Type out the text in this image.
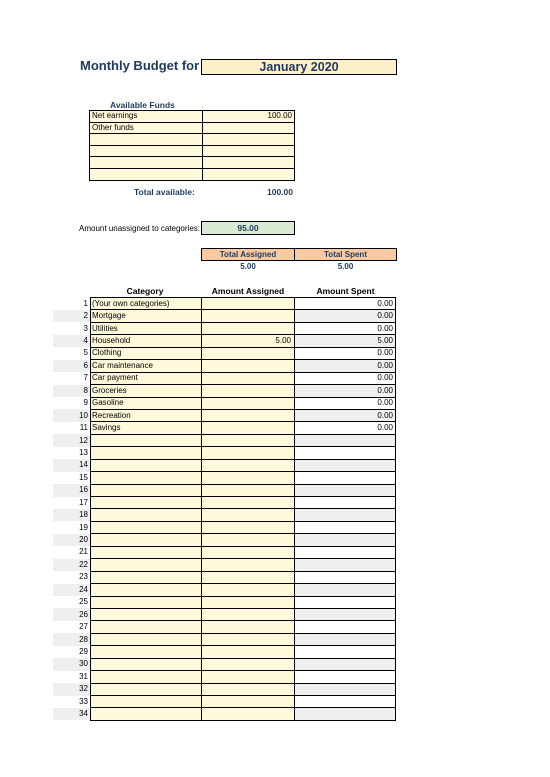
Monthly Budget for	January 2020
Available Funds
Net earnings	100.00
Other funds	

Total available:	100.00
Amount unassigned to categories:	95.00
Total Assigned	Total Spent
5.00	5.00
Category	Amount Assigned	Amount Spent
1	(Your own categories)		0.00
2	Mortgage		0.00
3	Utilities		0.00
4	Household	5.00	5.00
5	Clothing		0.00
6	Car maintenance		0.00
7	Car payment		0.00
8	Groceries		0.00
9	Gasoline		0.00
10	Recreation		0.00
11	Savings		0.00
12			
13			
14			
15			
16			
17			
18			
19			
20			
21			
22			
23			
24			
25			
26			
27			
28			
29			
30			
31			
32			
33			
34			
